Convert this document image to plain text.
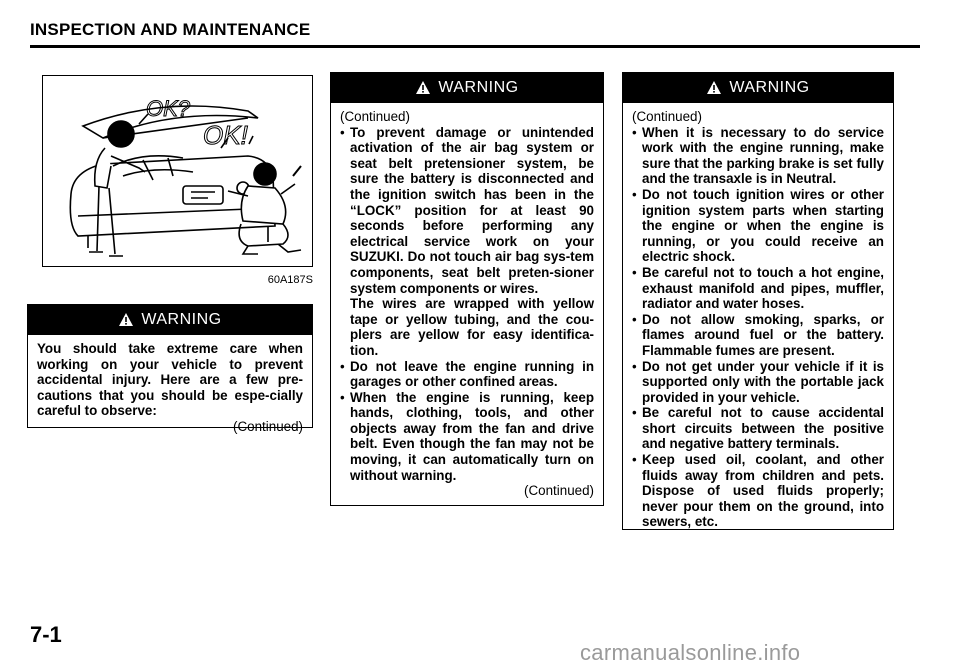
INSPECTION AND MAINTENANCE
OK?
OK!
60A187S
WARNING
You should take extreme care when working on your vehicle to prevent accidental injury. Here are a few pre-cautions that you should be espe-cially careful to observe:
(Continued)
WARNING
(Continued)
• To prevent damage or unintended activation of the air bag system or seat belt pretensioner system, be sure the battery is disconnected and the ignition switch has been in the “LOCK” position for at least 90 seconds before performing any electrical service work on your SUZUKI. Do not touch air bag sys-tem components, seat belt preten-sioner system components or wires.
The wires are wrapped with yellow tape or yellow tubing, and the cou-plers are yellow for easy identifica-tion.
• Do not leave the engine running in garages or other confined areas.
• When the engine is running, keep hands, clothing, tools, and other objects away from the fan and drive belt. Even though the fan may not be moving, it can automatically turn on without warning.
(Continued)
WARNING
(Continued)
• When it is necessary to do service work with the engine running, make sure that the parking brake is set fully and the transaxle is in Neutral.
• Do not touch ignition wires or other ignition system parts when starting the engine or when the engine is running, or you could receive an electric shock.
• Be careful not to touch a hot engine, exhaust manifold and pipes, muffler, radiator and water hoses.
• Do not allow smoking, sparks, or flames around fuel or the battery. Flammable fumes are present.
• Do not get under your vehicle if it is supported only with the portable jack provided in your vehicle.
• Be careful not to cause accidental short circuits between the positive and negative battery terminals.
• Keep used oil, coolant, and other fluids away from children and pets. Dispose of used fluids properly; never pour them on the ground, into sewers, etc.
7-1
carmanualsonline.info
